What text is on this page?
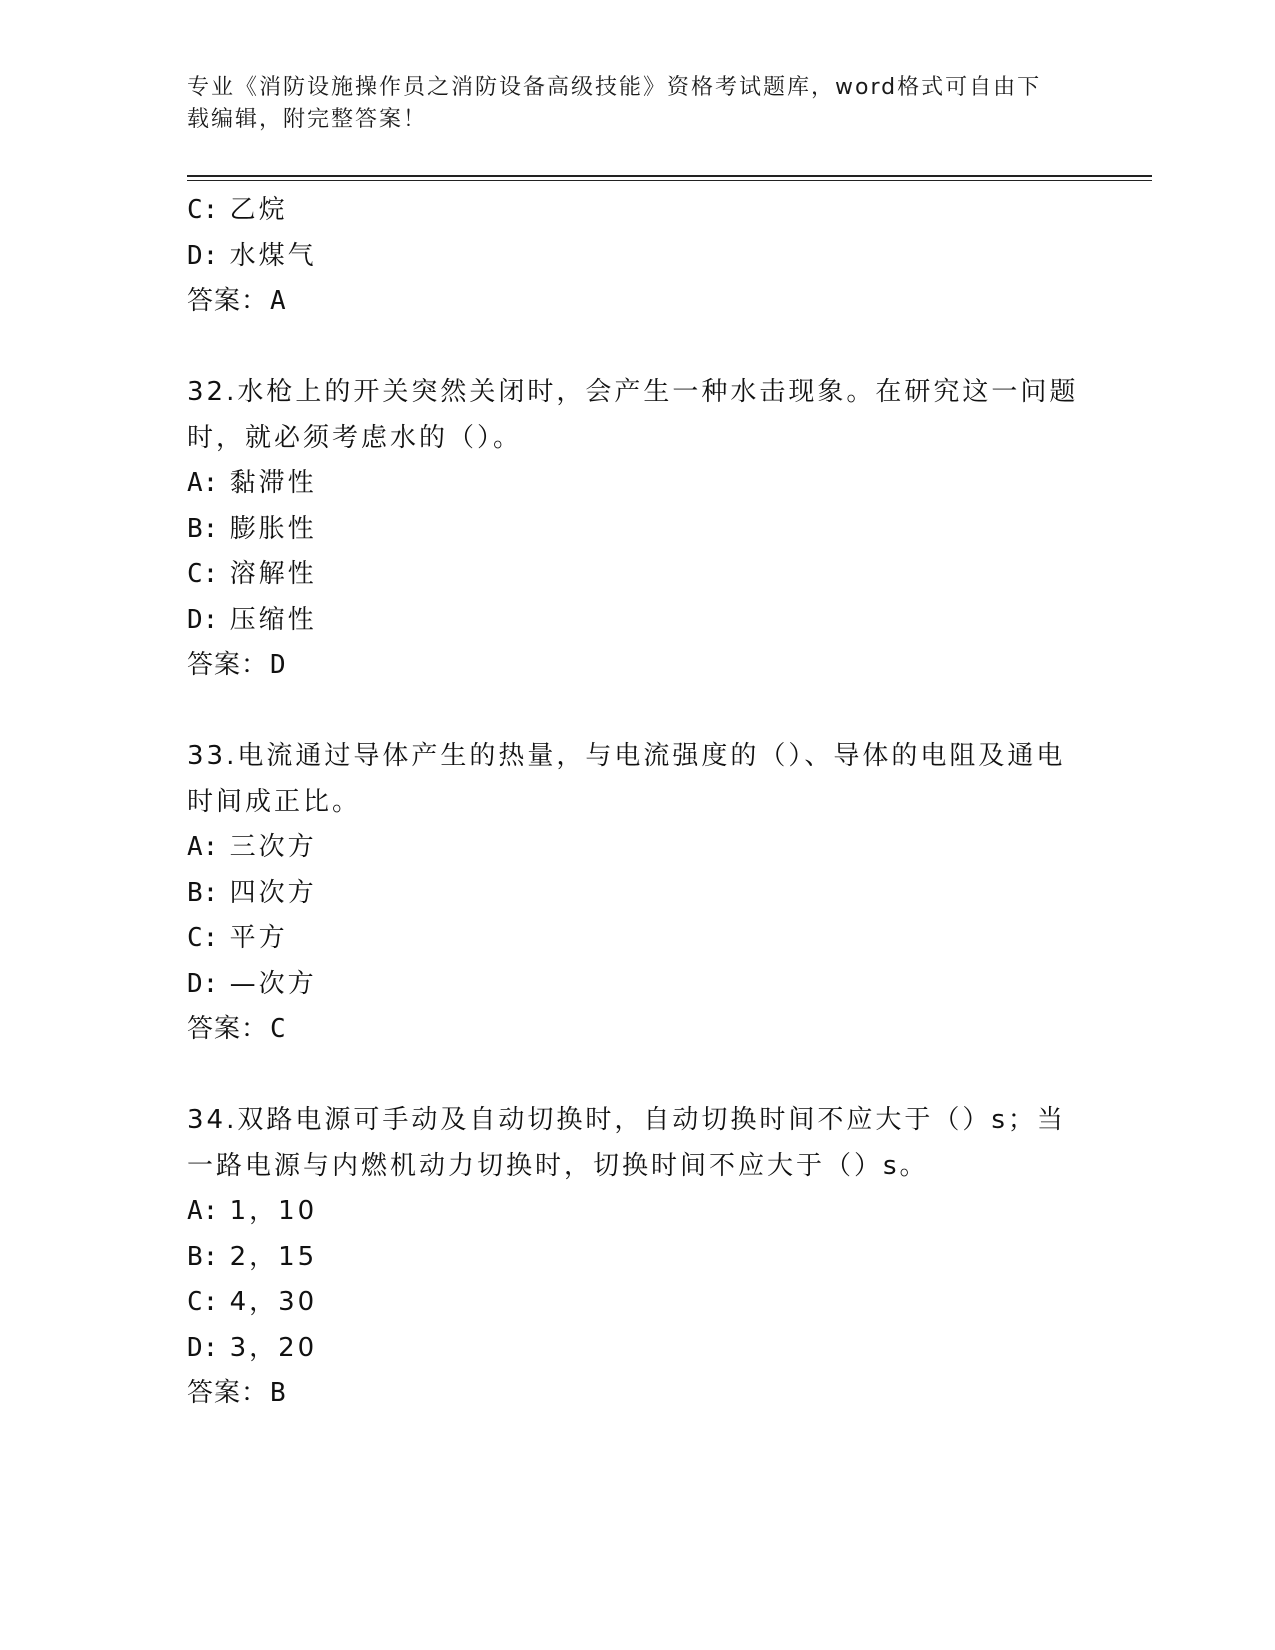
专业《消防设施操作员之消防设备高级技能》资格考试题库，word格式可自由下
载编辑，附完整答案！
C: 乙烷
D: 水煤气
答案：A
32.水枪上的开关突然关闭时，会产生一种水击现象。在研究这一问题
时，就必须考虑水的（）。
A: 黏滞性
B: 膨胀性
C: 溶解性
D: 压缩性
答案：D
33.电流通过导体产生的热量，与电流强度的（）、导体的电阻及通电
时间成正比。
A: 三次方
B: 四次方
C: 平方
D: —次方
答案：C
34.双路电源可手动及自动切换时，自动切换时间不应大于（）s；当
一路电源与内燃机动力切换时，切换时间不应大于（）s。
A: 1，10
B: 2，15
C: 4，30
D: 3，20
答案：B
